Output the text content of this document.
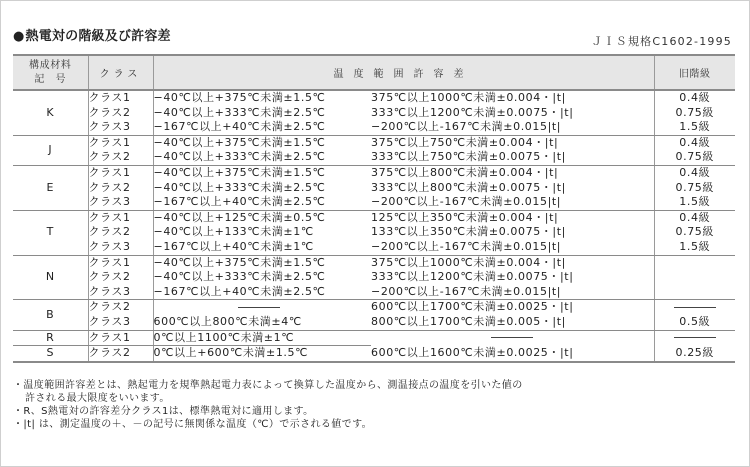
●熱電対の階級及び許容差	ＪＩＳ規格C1602-1995
構成材料
記　号	クラス	温度範囲許容差		旧階級
K	クラス1	−40℃以上+375℃未満±1.5℃	375℃以上1000℃未満±0.004・|t|	0.4級
	クラス2	−40℃以上+333℃未満±2.5℃	333℃以上1200℃未満±0.0075・|t|	0.75級
	クラス3	−167℃以上+40℃未満±2.5℃	−200℃以上-167℃未満±0.015|t|	1.5級
J	クラス1	−40℃以上+375℃未満±1.5℃	375℃以上750℃未満±0.004・|t|	0.4級
	クラス2	−40℃以上+333℃未満±2.5℃	333℃以上750℃未満±0.0075・|t|	0.75級
E	クラス1	−40℃以上+375℃未満±1.5℃	375℃以上800℃未満±0.004・|t|	0.4級
	クラス2	−40℃以上+333℃未満±2.5℃	333℃以上800℃未満±0.0075・|t|	0.75級
	クラス3	−167℃以上+40℃未満±2.5℃	−200℃以上-167℃未満±0.015|t|	1.5級
T	クラス1	−40℃以上+125℃未満±0.5℃	125℃以上350℃未満±0.004・|t|	0.4級
	クラス2	−40℃以上+133℃未満±1℃	133℃以上350℃未満±0.0075・|t|	0.75級
	クラス3	−167℃以上+40℃未満±1℃	−200℃以上-167℃未満±0.015|t|	1.5級
N	クラス1	−40℃以上+375℃未満±1.5℃	375℃以上1000℃未満±0.004・|t|	
	クラス2	−40℃以上+333℃未満±2.5℃	333℃以上1200℃未満±0.0075・|t|	
	クラス3	−167℃以上+40℃未満±2.5℃	−200℃以上-167℃未満±0.015|t|	
B	クラス2		600℃以上1700℃未満±0.0025・|t|	
	クラス3	600℃以上800℃未満±4℃	800℃以上1700℃未満±0.005・|t|	0.5級
R	クラス1	0℃以上1100℃未満±1℃		
S	クラス2	0℃以上+600℃未満±1.5℃	600℃以上1600℃未満±0.0025・|t|	0.25級
・温度範囲許容差とは、熱起電力を規準熱起電力表によって換算した温度から、測温接点の温度を引いた値の
許される最大限度をいいます。
・R、S熱電対の許容差分クラス1は、標準熱電対に適用します。
・|t| は、測定温度の＋、－の記号に無関係な温度（℃）で示される値です。
